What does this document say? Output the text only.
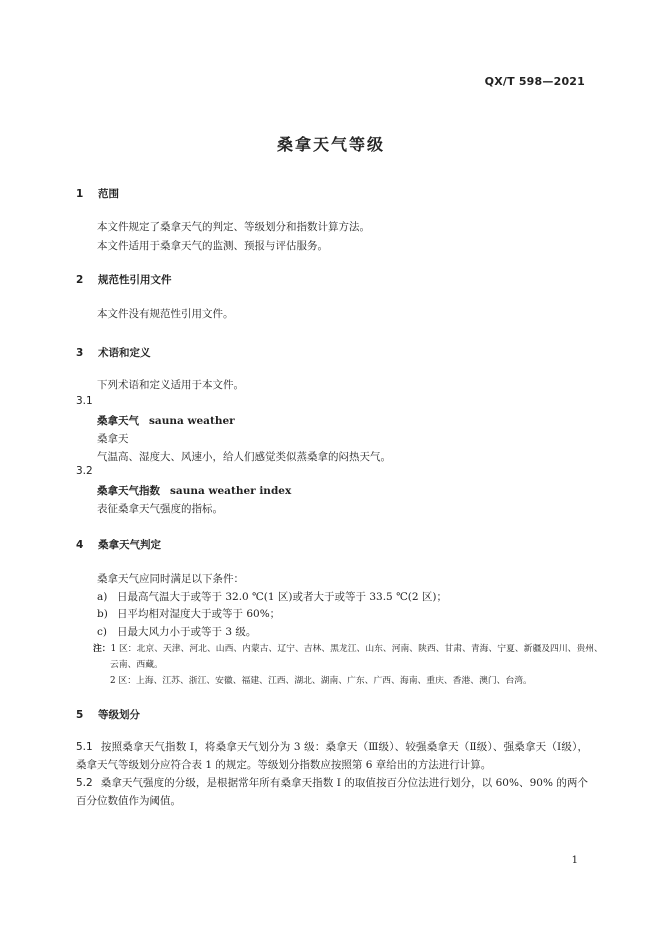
QX/T 598—2021
桑拿天气等级
1 范围
本文件规定了桑拿天气的判定、等级划分和指数计算方法。
本文件适用于桑拿天气的监测、预报与评估服务。
2 规范性引用文件
本文件没有规范性引用文件。
3 术语和定义
下列术语和定义适用于本文件。
3.1
桑拿天气 sauna weather
桑拿天
气温高、湿度大、风速小，给人们感觉类似蒸桑拿的闷热天气。
3.2
桑拿天气指数 sauna weather index
表征桑拿天气强度的指标。
4 桑拿天气判定
桑拿天气应同时满足以下条件：
a) 日最高气温大于或等于 32.0 ℃(1 区)或者大于或等于 33.5 ℃(2 区)；
b) 日平均相对湿度大于或等于 60%；
c) 日最大风力小于或等于 3 级。
注：1 区：北京、天津、河北、山西、内蒙古、辽宁、吉林、黑龙江、山东、河南、陕西、甘肃、青海、宁夏、新疆及四川、贵州、
云南、西藏。
2 区：上海、江苏、浙江、安徽、福建、江西、湖北、湖南、广东、广西、海南、重庆、香港、澳门、台湾。
5 等级划分
5.1 按照桑拿天气指数 I，将桑拿天气划分为 3 级：桑拿天（Ⅲ级）、较强桑拿天（Ⅱ级）、强桑拿天（Ⅰ级），桑拿天气等级划分应符合表 1 的规定。等级划分指数应按照第 6 章给出的方法进行计算。
5.2 桑拿天气强度的分级，是根据常年所有桑拿天指数 I 的取值按百分位法进行划分，以 60%、90% 的两个百分位数值作为阈值。
1
